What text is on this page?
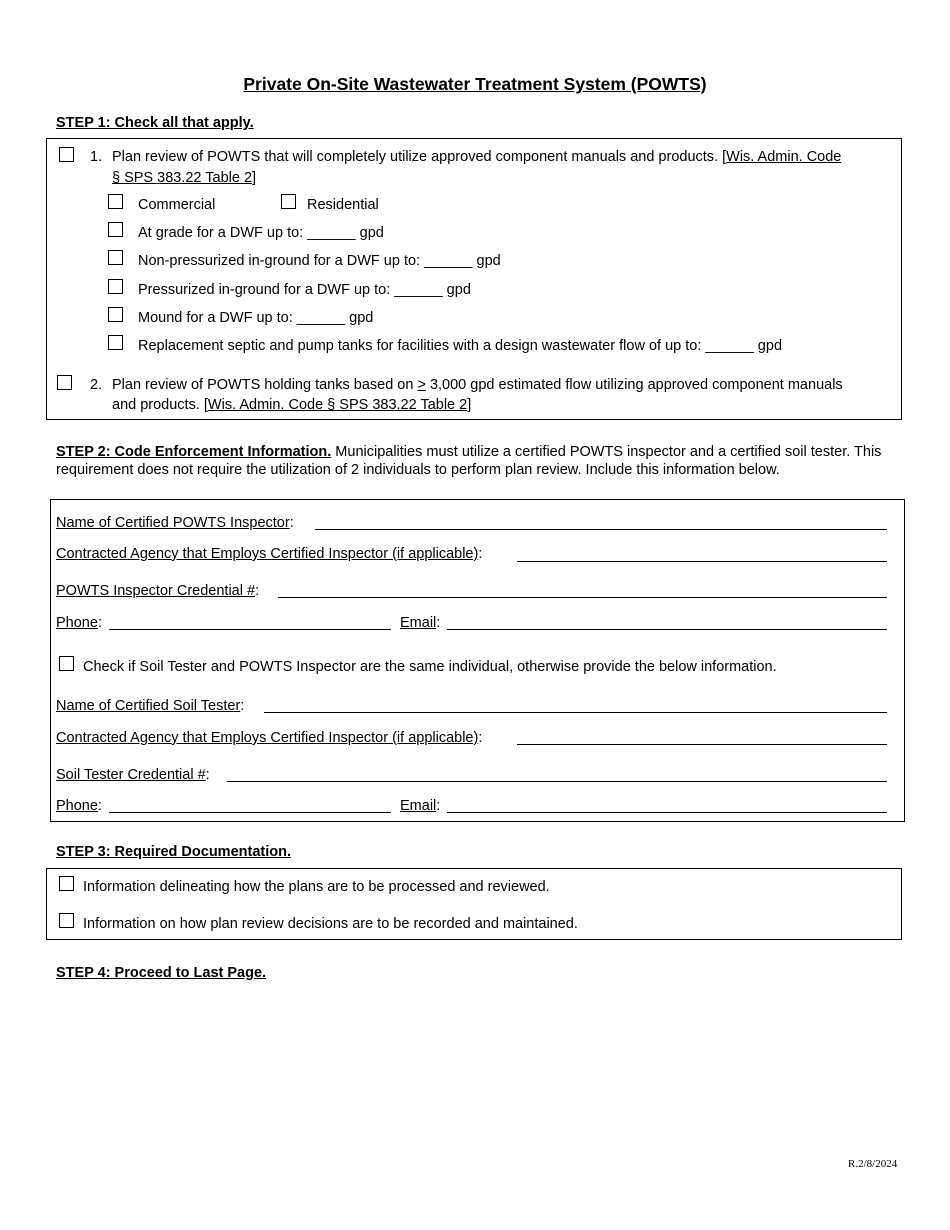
Private On-Site Wastewater Treatment System (POWTS)
STEP 1: Check all that apply.
1. Plan review of POWTS that will completely utilize approved component manuals and products. [Wis. Admin. Code
§ SPS 383.22 Table 2]
Commercial	Residential
At grade for a DWF up to: ______ gpd
Non-pressurized in-ground for a DWF up to: ______ gpd
Pressurized in-ground for a DWF up to: ______ gpd
Mound for a DWF up to: ______ gpd
Replacement septic and pump tanks for facilities with a design wastewater flow of up to: ______ gpd
2. Plan review of POWTS holding tanks based on ≥ 3,000 gpd estimated flow utilizing approved component manuals
and products. [Wis. Admin. Code § SPS 383.22 Table 2]
STEP 2: Code Enforcement Information. Municipalities must utilize a certified POWTS inspector and a certified soil tester. This requirement does not require the utilization of 2 individuals to perform plan review. Include this information below.
Name of Certified POWTS Inspector:
Contracted Agency that Employs Certified Inspector (if applicable):
POWTS Inspector Credential #:
Phone:	Email:
Check if Soil Tester and POWTS Inspector are the same individual, otherwise provide the below information.
Name of Certified Soil Tester:
Contracted Agency that Employs Certified Inspector (if applicable):
Soil Tester Credential #:
Phone:	Email:
STEP 3: Required Documentation.
Information delineating how the plans are to be processed and reviewed.
Information on how plan review decisions are to be recorded and maintained.
STEP 4: Proceed to Last Page.
R.2/8/2024
